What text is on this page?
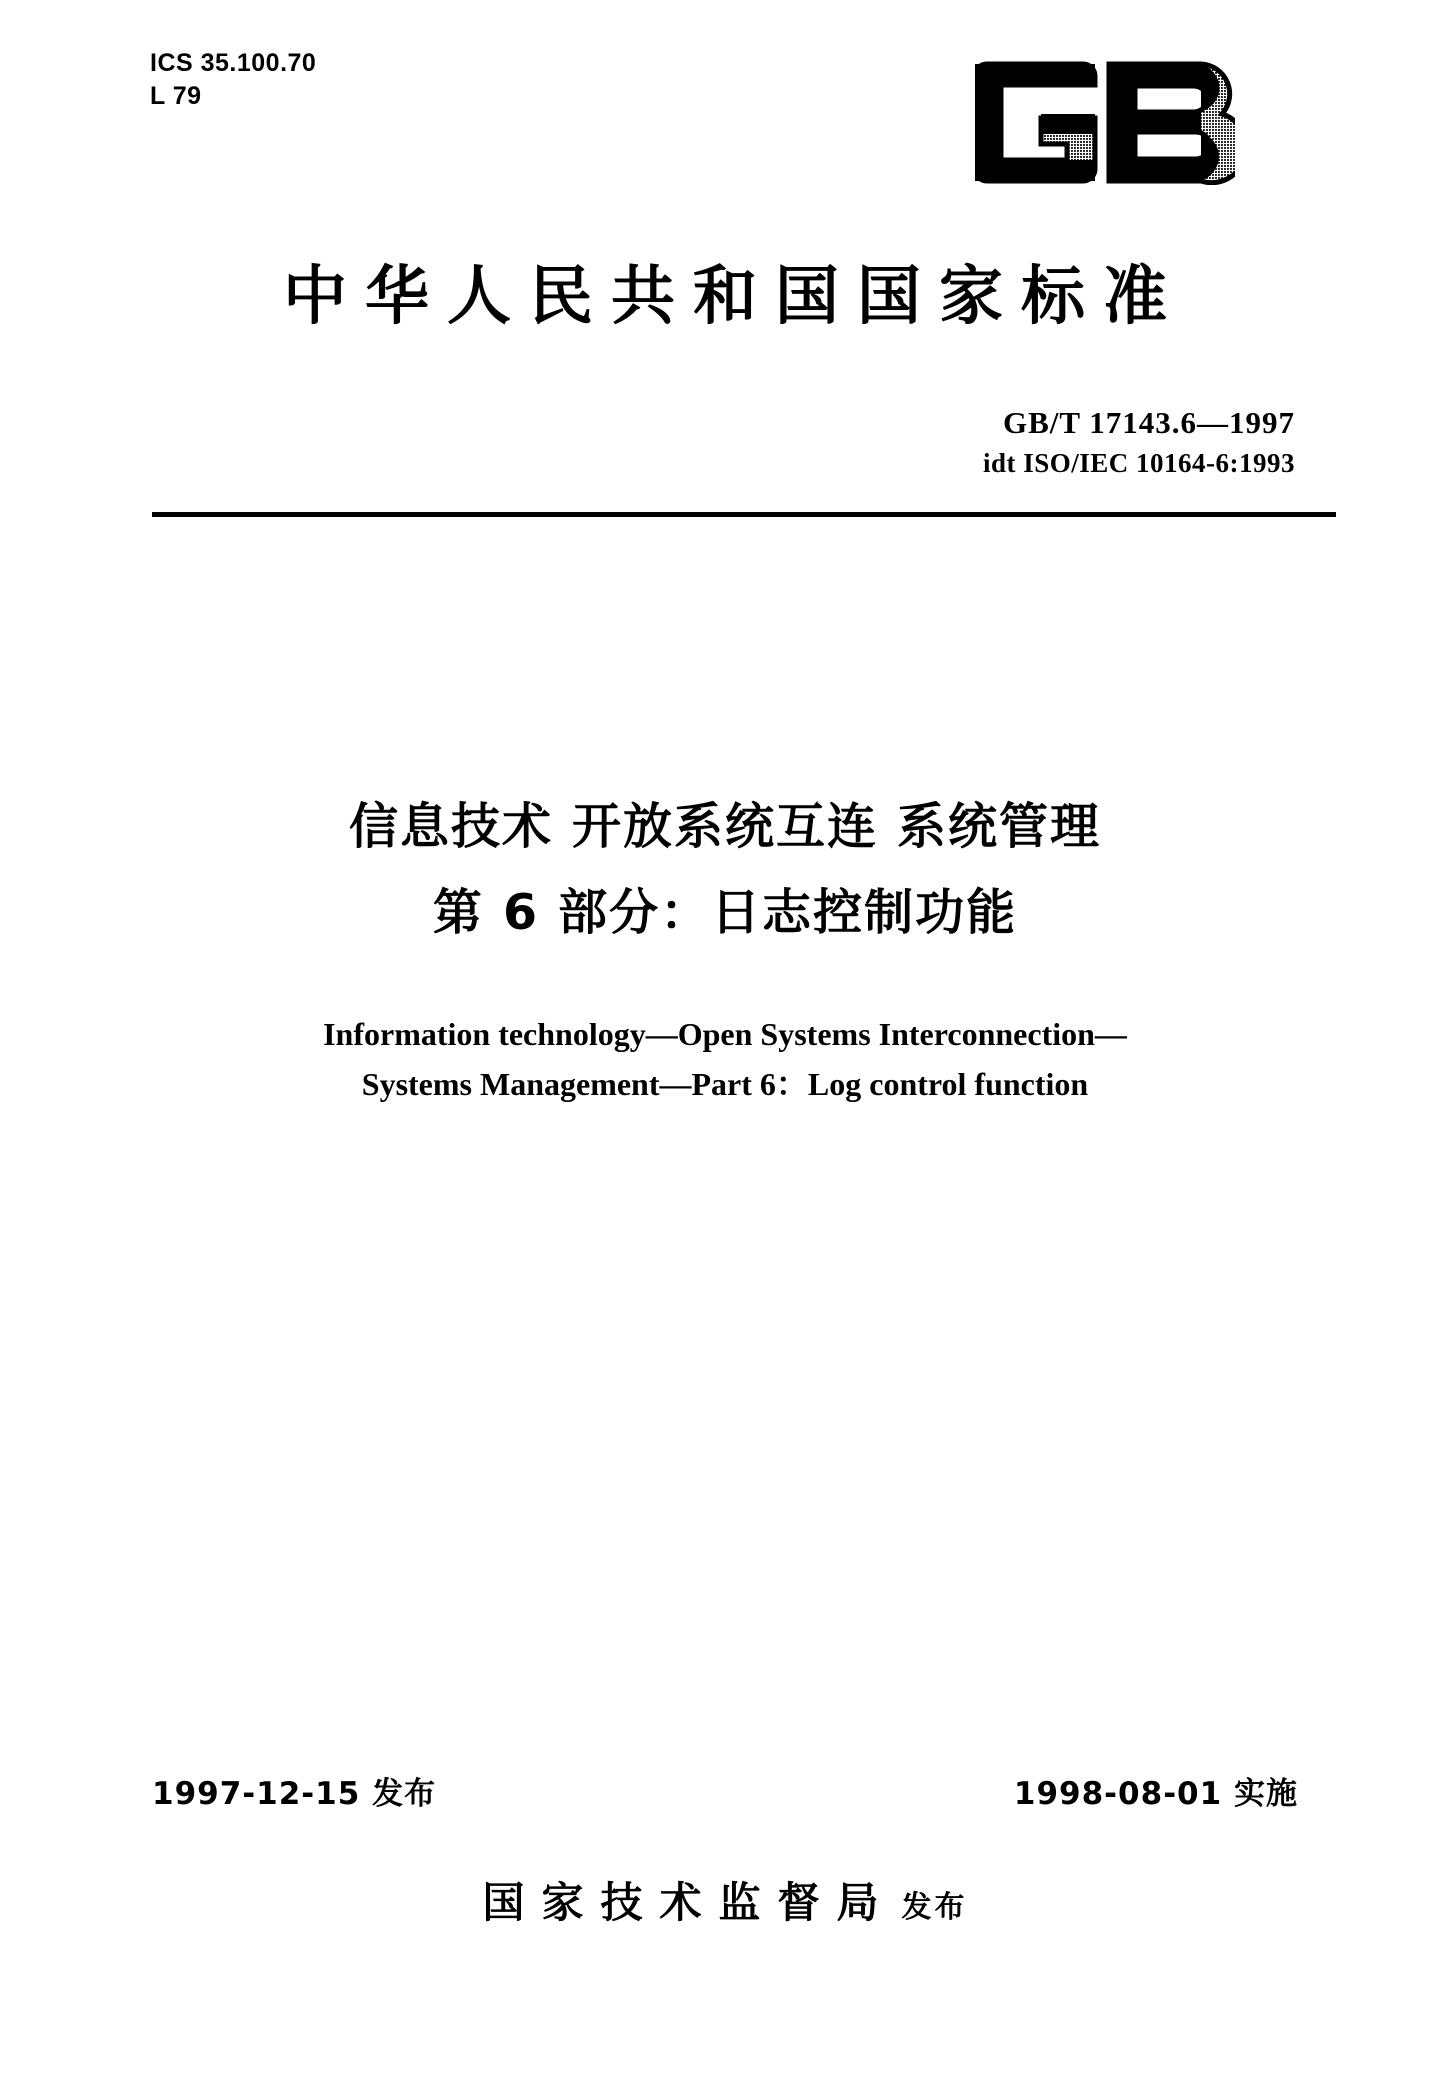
ICS 35.100.70
L 79
中华人民共和国国家标准
GB/T 17143.6—1997
idt ISO/IEC 10164-6:1993
信息技术 开放系统互连 系统管理
第 6 部分：日志控制功能
Information technology—Open Systems Interconnection—
Systems Management—Part 6：Log control function
1997-12-15 发布	1998-08-01 实施
国家技术监督局 发布
